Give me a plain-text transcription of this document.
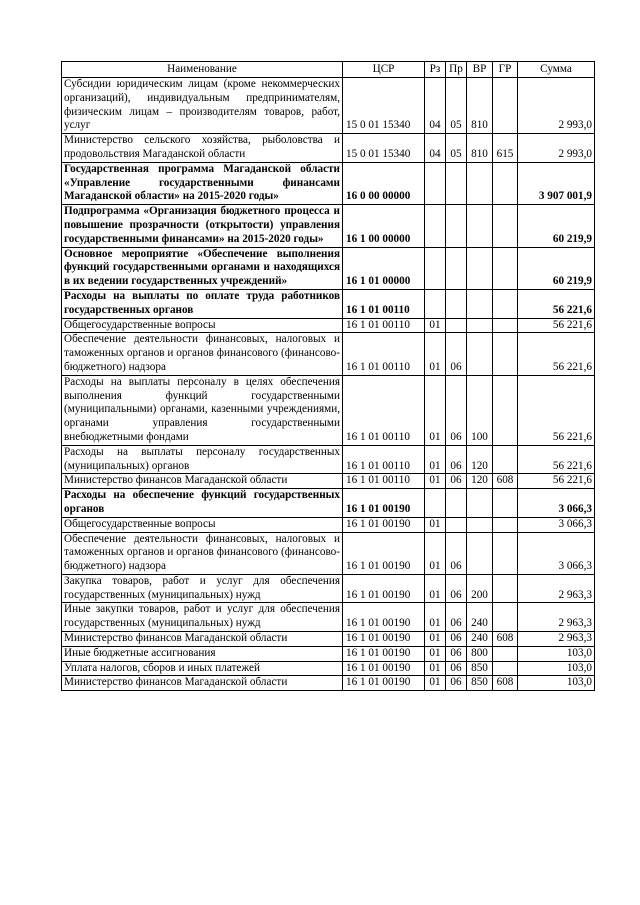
Наименование	ЦСР	Рз	Пр	ВР	ГР	Сумма
Субсидии юридическим лицам (кроме некоммерческих организаций), индивидуальным предпринимателям, физическим лицам – производителям товаров, работ, услуг	15 0 01 15340	04	05	810		2 993,0
Министерство сельского хозяйства, рыболовства и продовольствия Магаданской области	15 0 01 15340	04	05	810	615	2 993,0
Государственная программа Магаданской области «Управление государственными финансами Магаданской области» на 2015-2020 годы»	16 0 00 00000					3 907 001,9
Подпрограмма «Организация бюджетного процесса и повышение прозрачности (открытости) управления государственными финансами» на 2015-2020 годы»	16 1 00 00000					60 219,9
Основное мероприятие «Обеспечение выполнения функций государственными органами и находящихся в их ведении государственных учреждений»	16 1 01 00000					60 219,9
Расходы на выплаты по оплате труда работников государственных органов	16 1 01 00110					56 221,6
Общегосударственные вопросы	16 1 01 00110	01				56 221,6
Обеспечение деятельности финансовых, налоговых и таможенных органов и органов финансового (финансово-бюджетного) надзора	16 1 01 00110	01	06			56 221,6
Расходы на выплаты персоналу в целях обеспечения выполнения функций государственными (муниципальными) органами, казенными учреждениями, органами управления государственными внебюджетными фондами	16 1 01 00110	01	06	100		56 221,6
Расходы на выплаты персоналу государственных (муниципальных) органов	16 1 01 00110	01	06	120		56 221,6
Министерство финансов Магаданской области	16 1 01 00110	01	06	120	608	56 221,6
Расходы на обеспечение функций государственных органов	16 1 01 00190					3 066,3
Общегосударственные вопросы	16 1 01 00190	01				3 066,3
Обеспечение деятельности финансовых, налоговых и таможенных органов и органов финансового (финансово-бюджетного) надзора	16 1 01 00190	01	06			3 066,3
Закупка товаров, работ и услуг для обеспечения государственных (муниципальных) нужд	16 1 01 00190	01	06	200		2 963,3
Иные закупки товаров, работ и услуг для обеспечения государственных (муниципальных) нужд	16 1 01 00190	01	06	240		2 963,3
Министерство финансов Магаданской области	16 1 01 00190	01	06	240	608	2 963,3
Иные бюджетные ассигнования	16 1 01 00190	01	06	800		103,0
Уплата налогов, сборов и иных платежей	16 1 01 00190	01	06	850		103,0
Министерство финансов Магаданской области	16 1 01 00190	01	06	850	608	103,0
